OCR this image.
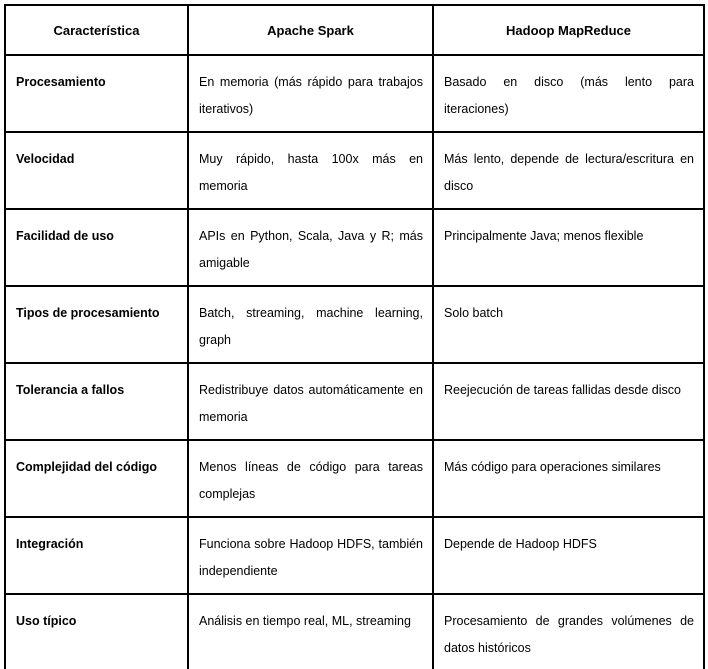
Característica	Apache Spark	Hadoop MapReduce
Procesamiento	En memoria (más rápido para trabajos iterativos)	Basado en disco (más lento para iteraciones)
Velocidad	Muy rápido, hasta 100x más en memoria	Más lento, depende de lectura/escritura en disco
Facilidad de uso	APIs en Python, Scala, Java y R; más amigable	Principalmente Java; menos flexible
Tipos de procesamiento	Batch, streaming, machine learning, graph	Solo batch
Tolerancia a fallos	Redistribuye datos automáticamente en memoria	Reejecución de tareas fallidas desde disco
Complejidad del código	Menos líneas de código para tareas complejas	Más código para operaciones similares
Integración	Funciona sobre Hadoop HDFS, también independiente	Depende de Hadoop HDFS
Uso típico	Análisis en tiempo real, ML, streaming	Procesamiento de grandes volúmenes de datos históricos
